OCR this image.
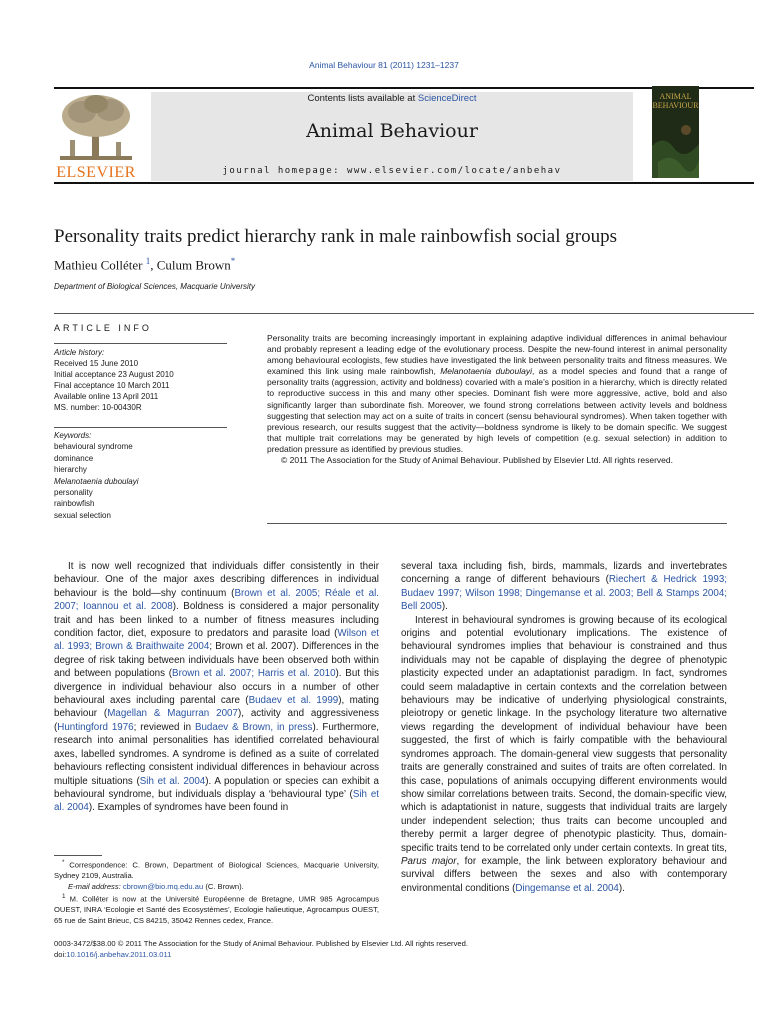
Animal Behaviour 81 (2011) 1231–1237
ELSEVIER
Contents lists available at ScienceDirect
Animal Behaviour
journal homepage: www.elsevier.com/locate/anbehav
ANIMAL
BEHAVIOUR
Personality traits predict hierarchy rank in male rainbowfish social groups
Mathieu Colléter $^1$, Culum Brown*
Department of Biological Sciences, Macquarie University
ARTICLE INFO
Article history:
Received 15 June 2010
Initial acceptance 23 August 2010
Final acceptance 10 March 2011
Available online 13 April 2011
MS. number: 10-00430R
Keywords:
behavioural syndrome
dominance
hierarchy
Melanotaenia duboulayi
personality
rainbowfish
sexual selection
Personality traits are becoming increasingly important in explaining adaptive individual differences in animal behaviour and probably represent a leading edge of the evolutionary process. Despite the new-found interest in animal personality among behavioural ecologists, few studies have investigated the link between personality traits and fitness measures. We examined this link using male rainbowfish, Melanotaenia duboulayi, as a model species and found that a range of personality traits (aggression, activity and boldness) covaried with a male’s position in a hierarchy, which is directly related to reproductive success in this and many other species. Dominant fish were more aggressive, active, bold and also significantly larger than subordinate fish. Moreover, we found strong correlations between activity levels and boldness suggesting that selection may act on a suite of traits in concert (sensu behavioural syndromes). When taken together with previous research, our results suggest that the activity—boldness syndrome is likely to be domain specific. We suggest that multiple trait correlations may be generated by high levels of competition (e.g. sexual selection) in addition to predation pressure as identified by previous studies.
© 2011 The Association for the Study of Animal Behaviour. Published by Elsevier Ltd. All rights reserved.

It is now well recognized that individuals differ consistently in their behaviour. One of the major axes describing differences in individual behaviour is the bold—shy continuum (Brown et al. 2005; Réale et al. 2007; Ioannou et al. 2008). Boldness is considered a major personality trait and has been linked to a number of fitness measures including condition factor, diet, exposure to predators and parasite load (Wilson et al. 1993; Brown & Braithwaite 2004; Brown et al. 2007). Differences in the degree of risk taking between individuals have been observed both within and between populations (Brown et al. 2007; Harris et al. 2010). But this divergence in individual behaviour also occurs in a number of other behavioural axes including parental care (Budaev et al. 1999), mating behaviour (Magellan & Magurran 2007), activity and aggressiveness (Huntingford 1976; reviewed in Budaev & Brown, in press). Furthermore, research into animal personalities has identified correlated behavioural axes, labelled syndromes. A syndrome is defined as a suite of correlated behaviours reflecting consistent individual differences in behaviour across multiple situations (Sih et al. 2004). A population or species can exhibit a behavioural syndrome, but individuals display a ‘behavioural type’ (Sih et al. 2004). Examples of syndromes have been found in

* Correspondence: C. Brown, Department of Biological Sciences, Macquarie University, Sydney 2109, Australia.

E-mail address: cbrown@bio.mq.edu.au (C. Brown).

$^1$ M. Colléter is now at the Université Européenne de Bretagne, UMR 985 Agrocampus OUEST, INRA ‘Ecologie et Santé des Ecosystèmes’, Ecologie halieutique, Agrocampus OUEST, 65 rue de Saint Brieuc, CS 84215, 35042 Rennes cedex, France.

several taxa including fish, birds, mammals, lizards and invertebrates concerning a range of different behaviours (Riechert & Hedrick 1993; Budaev 1997; Wilson 1998; Dingemanse et al. 2003; Bell & Stamps 2004; Bell 2005).

Interest in behavioural syndromes is growing because of its ecological origins and potential evolutionary implications. The existence of behavioural syndromes implies that behaviour is constrained and thus individuals may not be capable of displaying the degree of phenotypic plasticity expected under an adaptationist paradigm. In fact, syndromes could seem maladaptive in certain contexts and the correlation between behaviours may be indicative of underlying physiological constraints, pleiotropy or genetic linkage. In the psychology literature two alternative views regarding the development of individual behaviour have been suggested, the first of which is fairly compatible with the behavioural syndromes approach. The domain-general view suggests that personality traits are generally constrained and suites of traits are often correlated. In this case, populations of animals occupying different environments would show similar correlations between traits. Second, the domain-specific view, which is adaptationist in nature, suggests that individual traits are largely under independent selection; thus traits can become uncoupled and thereby permit a larger degree of phenotypic plasticity. Thus, domain-specific traits tend to be correlated only under certain contexts. In great tits, Parus major, for example, the link between exploratory behaviour and survival differs between the sexes and also with contemporary environmental conditions (Dingemanse et al. 2004).

0003-3472/$38.00 © 2011 The Association for the Study of Animal Behaviour. Published by Elsevier Ltd. All rights reserved.
doi:10.1016/j.anbehav.2011.03.011
